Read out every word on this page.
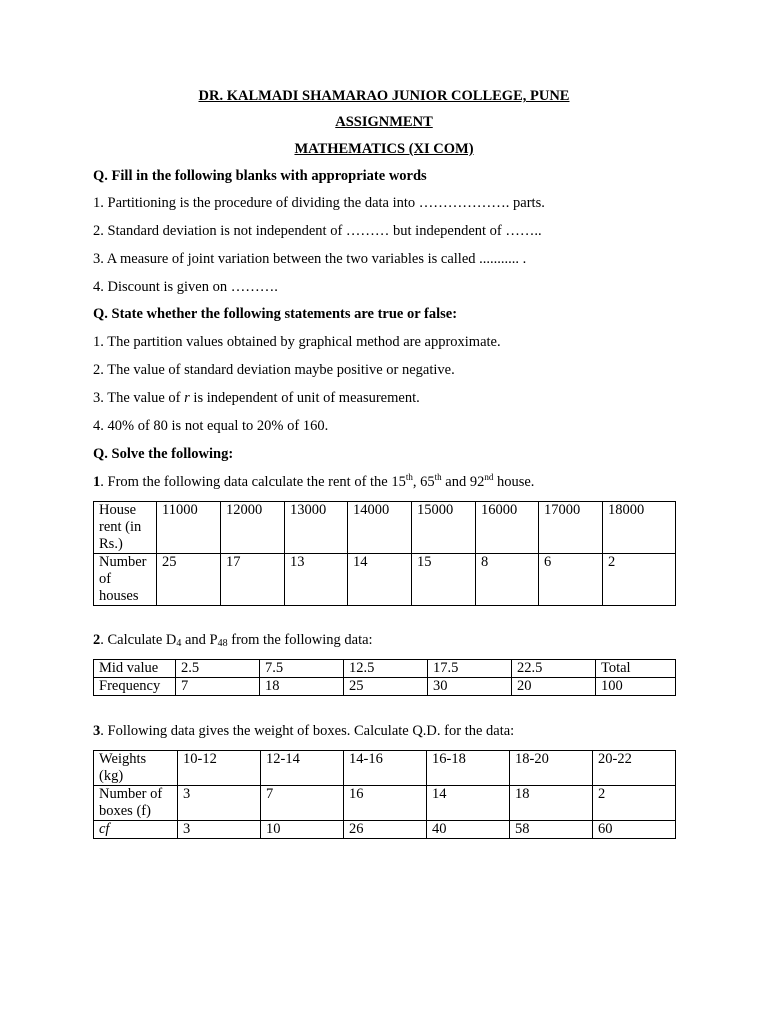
DR. KALMADI SHAMARAO JUNIOR COLLEGE, PUNE
ASSIGNMENT
MATHEMATICS (XI COM)
Q. Fill in the following blanks with appropriate words
1. Partitioning is the procedure of dividing the data into ………………. parts.
2. Standard deviation is not independent of ……… but independent of ……..
3. A measure of joint variation between the two variables is called ........... .
4. Discount is given on ……….
Q. State whether the following statements are true or false:
1. The partition values obtained by graphical method are approximate.
2. The value of standard deviation maybe positive or negative.
3. The value of r is independent of unit of measurement.
4. 40% of 80 is not equal to 20% of 160.
Q. Solve the following:
1. From the following data calculate the rent of the 15th, 65th and 92nd house.
House rent (in Rs.)	11000	12000	13000	14000	15000	16000	17000	18000
Number of houses	25	17	13	14	15	8	6	2
2. Calculate $D_4$ and $P_{48}$ from the following data:
Mid value	2.5	7.5	12.5	17.5	22.5	Total
Frequency	7	18	25	30	20	100
3. Following data gives the weight of boxes. Calculate Q.D. for the data:
Weights (kg)	10-12	12-14	14-16	16-18	18-20	20-22
Number of boxes (f)	3	7	16	14	18	2
cf	3	10	26	40	58	60
